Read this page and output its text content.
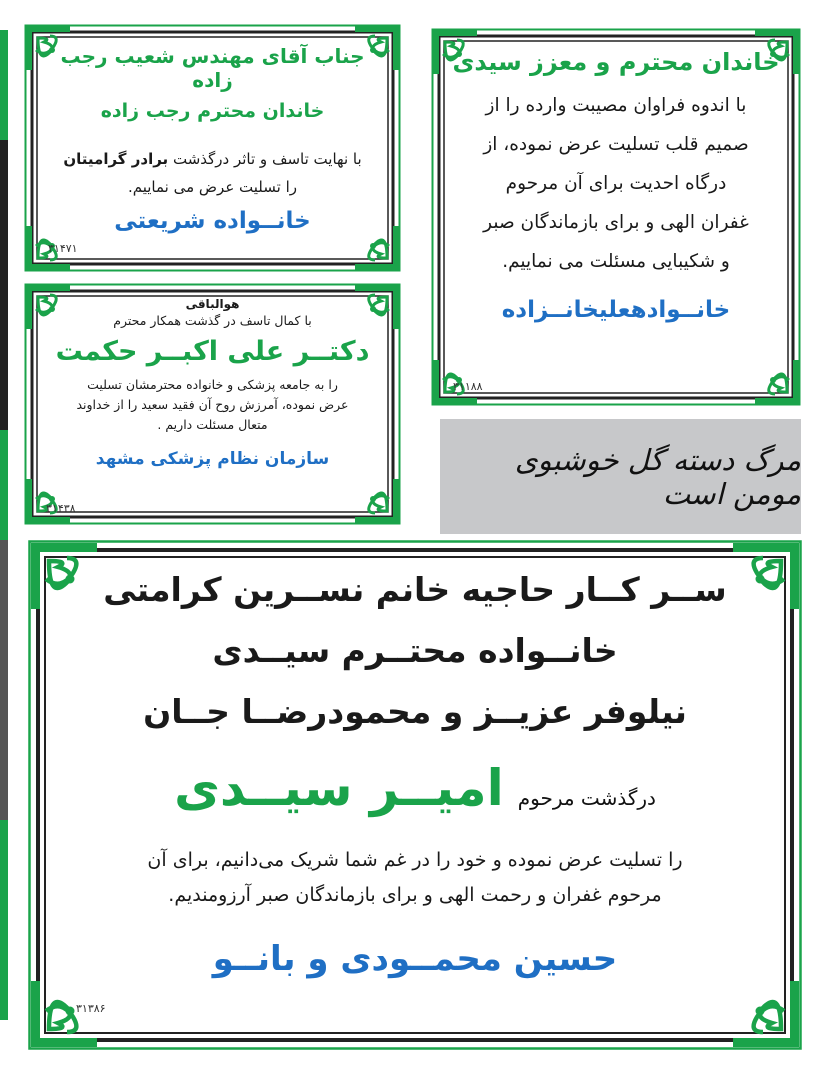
جناب آقای مهندس شعیب رجب زاده
خاندان محترم رجب زاده
با نهایت تاسف و تاثر درگذشت برادر گرامیتان
را تسلیت عرض می نماییم.
خانــواده شریعتی
۳۱۴۷۱
خاندان محترم و معزز سیدی
با اندوه فراوان مصیبت وارده را از
صمیم قلب تسلیت عرض نموده، از
درگاه احدیت برای آن مرحوم
غفران الهی و برای بازماندگان صبر
و شکیبایی مسئلت می نماییم.
خانــوادهعلیخانــزاده
۳۱۱۸۸
هوالباقی
با کمال تاسف در گذشت همکار محترم
دکتــر علی اکبــر حکمت
را به جامعه پزشکی و خانواده محترمشان تسلیت
عرض نموده، آمرزش روح آن فقید سعید را از خداوند
متعال مسئلت داریم .
سازمان نظام پزشکی مشهد
۳۱۴۳۸
مرگ دسته گل خوشبوی مومن است
ســر کــار حاجیه خانم نســرین کرامتی
خانــواده محتــرم سیــدی
نیلوفر عزیــز و محمودرضــا جــان
درگذشت مرحوم
امیــر سیــدی
را تسلیت عرض نموده و خود را در غم شما شریک می‌دانیم، برای آن
مرحوم غفران و رحمت الهی و برای بازماندگان صبر آرزومندیم.
حسین محمــودی و بانــو
۳۱۳۸۶
